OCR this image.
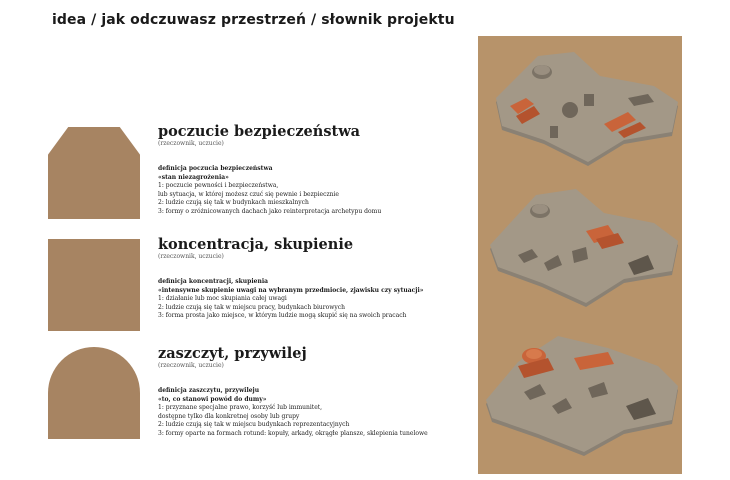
idea / jak odczuwasz przestrzeń / słownik projektu
poczucie bezpieczeństwa
(rzeczownik, uczucie)
definicja poczucia bezpieczeństwa
«stan niezagrożenia»
1: poczucie pewności i bezpieczeństwa,
lub sytuacja, w której możesz czuć się pewnie i bezpiecznie
2: ludzie czują się tak w budynkach mieszkalnych
3: formy o zróżnicowanych dachach jako reinterpretacja archetypu domu
koncentracja, skupienie
(rzeczownik, uczucie)
definicja koncentracji, skupienia
«intensywne skupienie uwagi na wybranym przedmiocie, zjawisku czy sytuacji»
1: działanie lub moc skupiania całej uwagi
2: ludzie czują się tak w miejscu pracy, budynkach biurowych
3: forma prosta jako miejsce, w którym ludzie mogą skupić się na swoich pracach
zaszczyt, przywilej
(rzeczownik, uczucie)
definicja zaszczytu, przywileju
«to, co stanowi powód do dumy»
1: przyznane specjalne prawo, korzyść lub immunitet,
dostępne tylko dla konkretnej osoby lub grupy
2: ludzie czują się tak w miejscu budynkach reprezentacyjnych
3: formy oparte na formach rotund: kopuły, arkady, okrągłe plansze, sklepienia tunelowe
